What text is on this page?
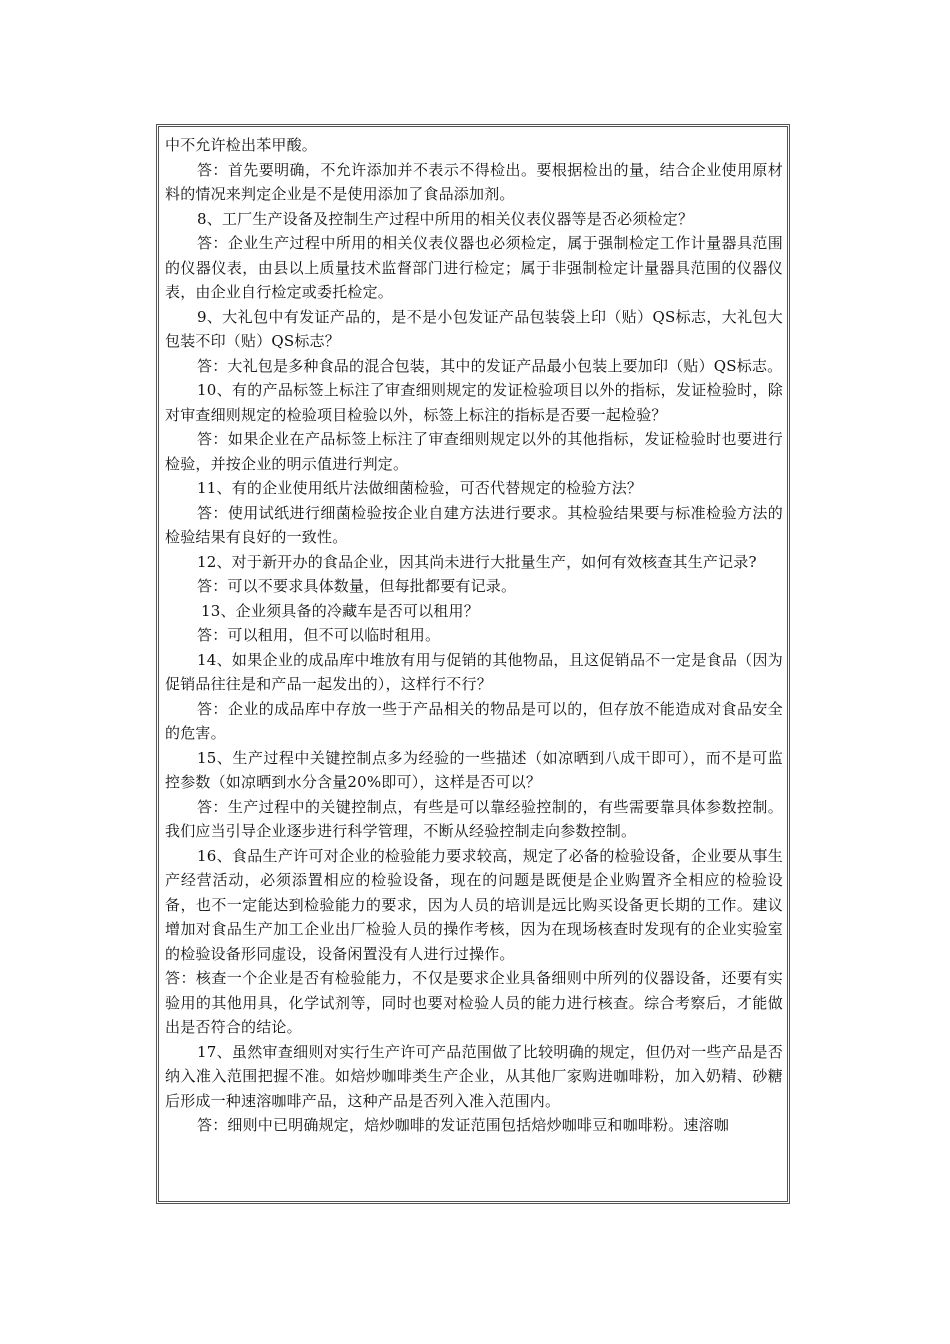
中不允许检出苯甲酸。

答：首先要明确，不允许添加并不表示不得检出。要根据检出的量，结合企业使用原材料的情况来判定企业是不是使用添加了食品添加剂。

8、工厂生产设备及控制生产过程中所用的相关仪表仪器等是否必须检定？

答：企业生产过程中所用的相关仪表仪器也必须检定，属于强制检定工作计量器具范围的仪器仪表，由县以上质量技术监督部门进行检定；属于非强制检定计量器具范围的仪器仪表，由企业自行检定或委托检定。

9、大礼包中有发证产品的，是不是小包发证产品包装袋上印（贴）QS标志，大礼包大包装不印（贴）QS标志？

答：大礼包是多种食品的混合包装，其中的发证产品最小包装上要加印（贴）QS标志。

10、有的产品标签上标注了审查细则规定的发证检验项目以外的指标，发证检验时，除对审查细则规定的检验项目检验以外，标签上标注的指标是否要一起检验？

答：如果企业在产品标签上标注了审查细则规定以外的其他指标，发证检验时也要进行检验，并按企业的明示值进行判定。

11、有的企业使用纸片法做细菌检验，可否代替规定的检验方法？

答：使用试纸进行细菌检验按企业自建方法进行要求。其检验结果要与标准检验方法的检验结果有良好的一致性。

12、对于新开办的食品企业，因其尚未进行大批量生产，如何有效核查其生产记录?

答：可以不要求具体数量，但每批都要有记录。

13、企业须具备的冷藏车是否可以租用？

答：可以租用，但不可以临时租用。

14、如果企业的成品库中堆放有用与促销的其他物品，且这促销品不一定是食品（因为促销品往往是和产品一起发出的），这样行不行？

答：企业的成品库中存放一些于产品相关的物品是可以的，但存放不能造成对食品安全的危害。

15、生产过程中关键控制点多为经验的一些描述（如凉晒到八成干即可），而不是可监控参数（如凉晒到水分含量20%即可），这样是否可以？

答：生产过程中的关键控制点，有些是可以靠经验控制的，有些需要靠具体参数控制。我们应当引导企业逐步进行科学管理，不断从经验控制走向参数控制。

16、食品生产许可对企业的检验能力要求较高，规定了必备的检验设备，企业要从事生产经营活动，必须添置相应的检验设备，现在的问题是既便是企业购置齐全相应的检验设备，也不一定能达到检验能力的要求，因为人员的培训是远比购买设备更长期的工作。建议增加对食品生产加工企业出厂检验人员的操作考核，因为在现场核查时发现有的企业实验室的检验设备形同虚设，设备闲置没有人进行过操作。

答：核查一个企业是否有检验能力，不仅是要求企业具备细则中所列的仪器设备，还要有实验用的其他用具，化学试剂等，同时也要对检验人员的能力进行核查。综合考察后，才能做出是否符合的结论。

17、虽然审查细则对实行生产许可产品范围做了比较明确的规定，但仍对一些产品是否纳入准入范围把握不准。如焙炒咖啡类生产企业，从其他厂家购进咖啡粉，加入奶精、砂糖后形成一种速溶咖啡产品，这种产品是否列入准入范围内。

答：细则中已明确规定，焙炒咖啡的发证范围包括焙炒咖啡豆和咖啡粉。速溶咖
